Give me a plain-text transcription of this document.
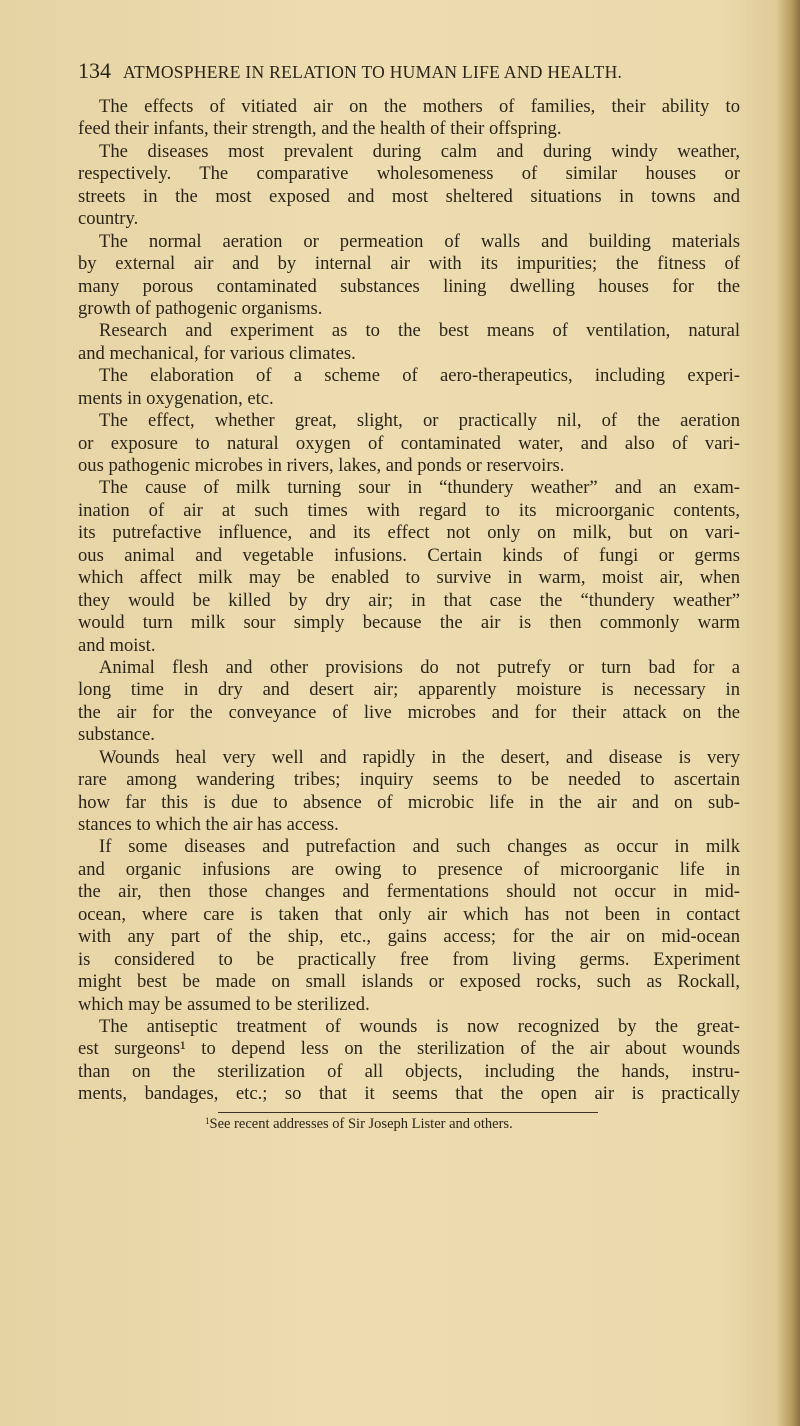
134 ATMOSPHERE IN RELATION TO HUMAN LIFE AND HEALTH.
The effects of vitiated air on the mothers of families, their ability to
feed their infants, their strength, and the health of their offspring.
The diseases most prevalent during calm and during windy weather,
respectively. The comparative wholesomeness of similar houses or
streets in the most exposed and most sheltered situations in towns and
country.
The normal aeration or permeation of walls and building materials
by external air and by internal air with its impurities; the fitness of
many porous contaminated substances lining dwelling houses for the
growth of pathogenic organisms.
Research and experiment as to the best means of ventilation, natural
and mechanical, for various climates.
The elaboration of a scheme of aero-therapeutics, including experi-
ments in oxygenation, etc.
The effect, whether great, slight, or practically nil, of the aeration
or exposure to natural oxygen of contaminated water, and also of vari-
ous pathogenic microbes in rivers, lakes, and ponds or reservoirs.
The cause of milk turning sour in “thundery weather” and an exam-
ination of air at such times with regard to its microorganic contents,
its putrefactive influence, and its effect not only on milk, but on vari-
ous animal and vegetable infusions. Certain kinds of fungi or germs
which affect milk may be enabled to survive in warm, moist air, when
they would be killed by dry air; in that case the “thundery weather”
would turn milk sour simply because the air is then commonly warm
and moist.
Animal flesh and other provisions do not putrefy or turn bad for a
long time in dry and desert air; apparently moisture is necessary in
the air for the conveyance of live microbes and for their attack on the
substance.
Wounds heal very well and rapidly in the desert, and disease is very
rare among wandering tribes; inquiry seems to be needed to ascertain
how far this is due to absence of microbic life in the air and on sub-
stances to which the air has access.
If some diseases and putrefaction and such changes as occur in milk
and organic infusions are owing to presence of microorganic life in
the air, then those changes and fermentations should not occur in mid-
ocean, where care is taken that only air which has not been in contact
with any part of the ship, etc., gains access; for the air on mid-ocean
is considered to be practically free from living germs. Experiment
might best be made on small islands or exposed rocks, such as Rockall,
which may be assumed to be sterilized.
The antiseptic treatment of wounds is now recognized by the great-
est surgeons¹ to depend less on the sterilization of the air about wounds
than on the sterilization of all objects, including the hands, instru-
ments, bandages, etc.; so that it seems that the open air is practically
$^1$See recent addresses of Sir Joseph Lister and others.
